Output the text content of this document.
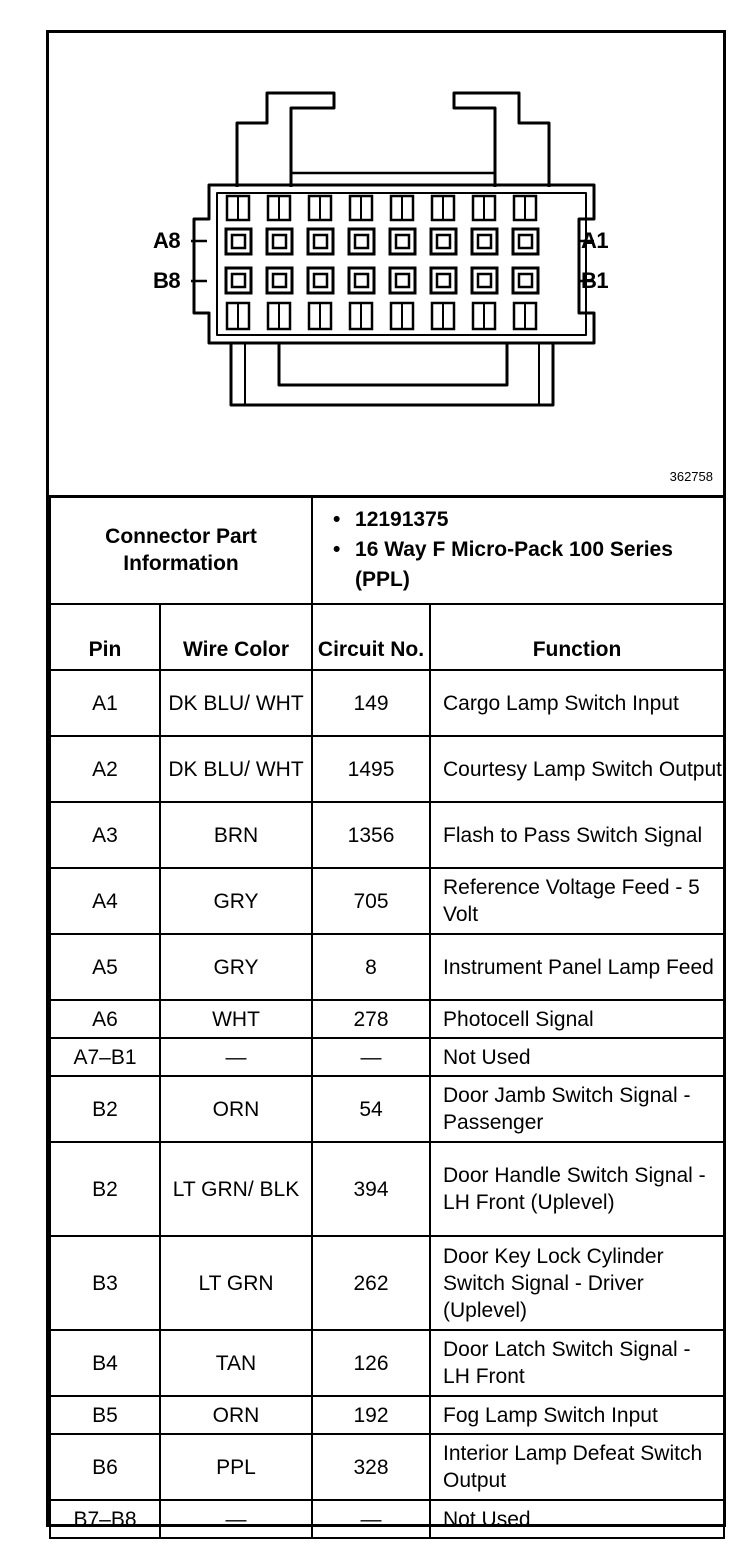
A8
B8
A1
B1
362758
Connector Part Information		• 12191375
• 16 Way F Micro-Pack 100 Series (PPL)

Pin	Wire Color	Circuit No.	Function
A1	DK BLU/ WHT	149	Cargo Lamp Switch Input
A2	DK BLU/ WHT	1495	Courtesy Lamp Switch Output
A3	BRN	1356	Flash to Pass Switch Signal
A4	GRY	705	Reference Voltage Feed - 5 Volt
A5	GRY	8	Instrument Panel Lamp Feed
A6	WHT	278	Photocell Signal
A7–B1	—	—	Not Used
B2	ORN	54	Door Jamb Switch Signal - Passenger
B2	LT GRN/ BLK	394	Door Handle Switch Signal - LH Front (Uplevel)
B3	LT GRN	262	Door Key Lock Cylinder Switch Signal - Driver (Uplevel)
B4	TAN	126	Door Latch Switch Signal - LH Front
B5	ORN	192	Fog Lamp Switch Input
B6	PPL	328	Interior Lamp Defeat Switch Output
B7–B8	—	—	Not Used
